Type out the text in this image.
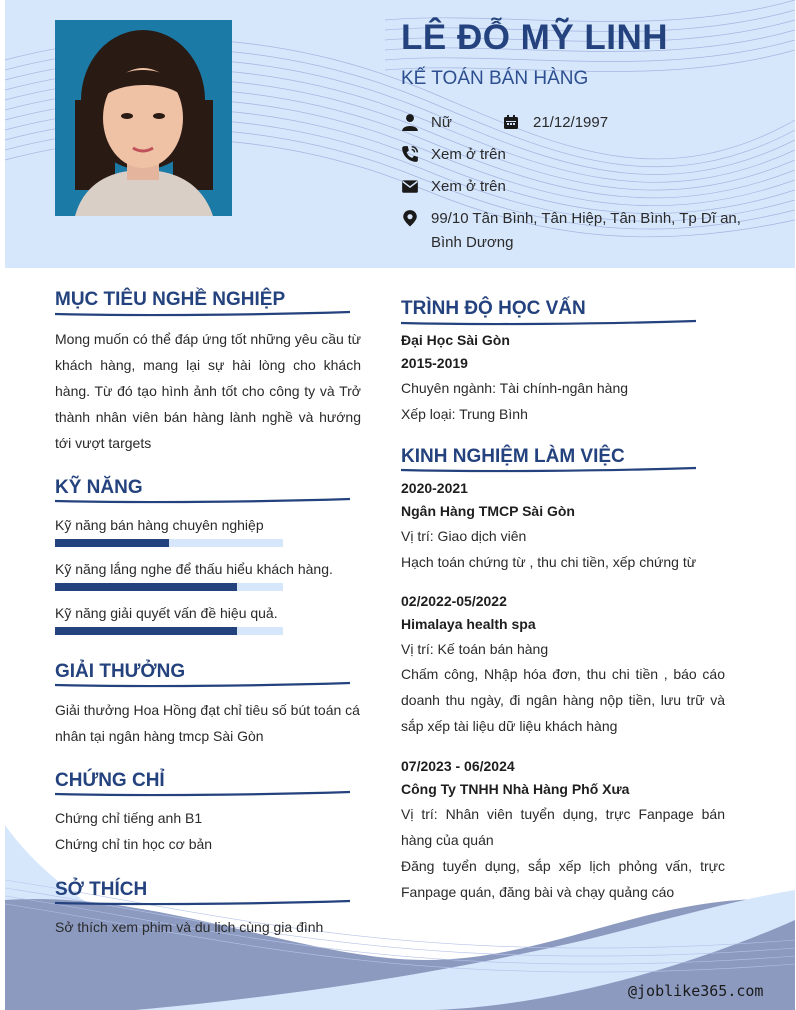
LÊ ĐỖ MỸ LINH
KẾ TOÁN BÁN HÀNG
Nữ	21/12/1997
Xem ở trên
Xem ở trên
99/10 Tân Bình, Tân Hiệp, Tân Bình, Tp Dĩ an, Bình Dương
MỤC TIÊU NGHỀ NGHIỆP
Mong muốn có thể đáp ứng tốt những yêu cầu từ khách hàng, mang lại sự hài lòng cho khách hàng. Từ đó tạo hình ảnh tốt cho công ty và Trở thành nhân viên bán hàng lành nghề và hướng tới vượt targets
KỸ NĂNG
Kỹ năng bán hàng chuyên nghiệp
Kỹ năng lắng nghe để thấu hiểu khách hàng.
Kỹ năng giải quyết vấn đề hiệu quả.
GIẢI THƯỞNG
Giải thưởng Hoa Hồng đạt chỉ tiêu số bút toán cá nhân tại ngân hàng tmcp Sài Gòn
CHỨNG CHỈ
Chứng chỉ tiếng anh B1
Chứng chỉ tin học cơ bản
SỞ THÍCH
Sở thích xem phim và du lịch cùng gia đình
TRÌNH ĐỘ HỌC VẤN
Đại Học Sài Gòn
2015-2019
Chuyên ngành: Tài chính-ngân hàng
Xếp loại: Trung Bình
KINH NGHIỆM LÀM VIỆC
2020-2021
Ngân Hàng TMCP Sài Gòn
Vị trí: Giao dịch viên
Hạch toán chứng từ , thu chi tiền, xếp chứng từ
02/2022-05/2022
Himalaya health spa
Vị trí: Kế toán bán hàng
Chấm công, Nhập hóa đơn, thu chi tiền , báo cáo doanh thu ngày, đi ngân hàng nộp tiền, lưu trữ và sắp xếp tài liệu dữ liệu khách hàng
07/2023 - 06/2024
Công Ty TNHH Nhà Hàng Phố Xưa
Vị trí: Nhân viên tuyển dụng, trực Fanpage bán hàng của quán
Đăng tuyển dụng, sắp xếp lịch phỏng vấn, trực Fanpage quán, đăng bài và chạy quảng cáo
@joblike365.com
